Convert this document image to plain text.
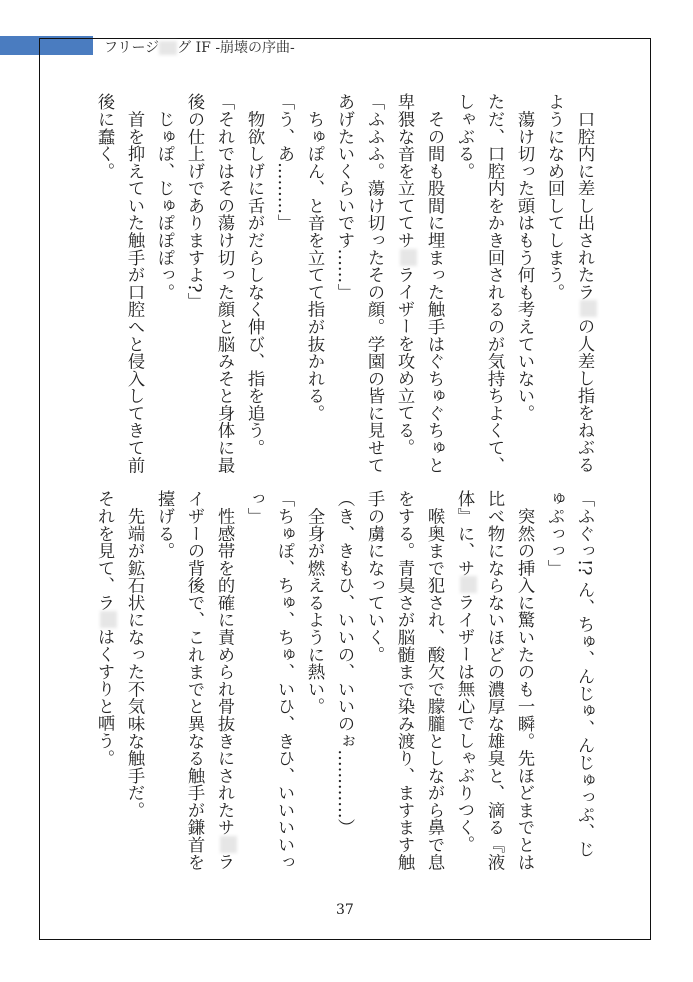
フリージ グ IF -崩壊の序曲-
　口腔内に差し出されたラの人差し指をねぶる
ようになめ回してしまう。
　蕩け切った頭はもう何も考えていない。
ただ、口腔内をかき回されるのが気持ちよくて、
しゃぶる。
　その間も股間に埋まった触手はぐちゅぐちゅと
卑猥な音を立ててサライザーを攻め立てる。
「ふふふ。蕩け切ったその顔。学園の皆に見せて
あげたいくらいです……」
　ちゅぽん、と音を立てて指が抜かれる。
「う、あ………」
　物欲しげに舌がだらしなく伸び、指を追う。
「それではその蕩け切った顔と脳みそと身体に最
後の仕上げでありますよ?」
　じゅぽ、じゅぽぽぽっ。
　首を抑えていた触手が口腔へと侵入してきて前
後に蠢く。
「ふぐっ!? ん、ちゅ、んじゅ、んじゅっぷ、じ
ゅぷっっ」
　突然の挿入に驚いたのも一瞬。先ほどまでとは
比べ物にならないほどの濃厚な雄臭と、滴る『液
体』に、サライザーは無心でしゃぶりつく。
　喉奥まで犯され、酸欠で朦朧としながら鼻で息
をする。青臭さが脳髄まで染み渡り、ますます触
手の虜になっていく。
（き、きもひ、いいの、いいのぉ…………）
　全身が燃えるように熱い。
「ちゅぽ、ちゅ、ちゅ、いひ、きひ、いいいいっ
っ」
　性感帯を的確に責められ骨抜きにされたサラ
イザーの背後で、これまでと異なる触手が鎌首を
擡げる。
　先端が鉱石状になった不気味な触手だ。
それを見て、ラはくすりと哂う。
37
